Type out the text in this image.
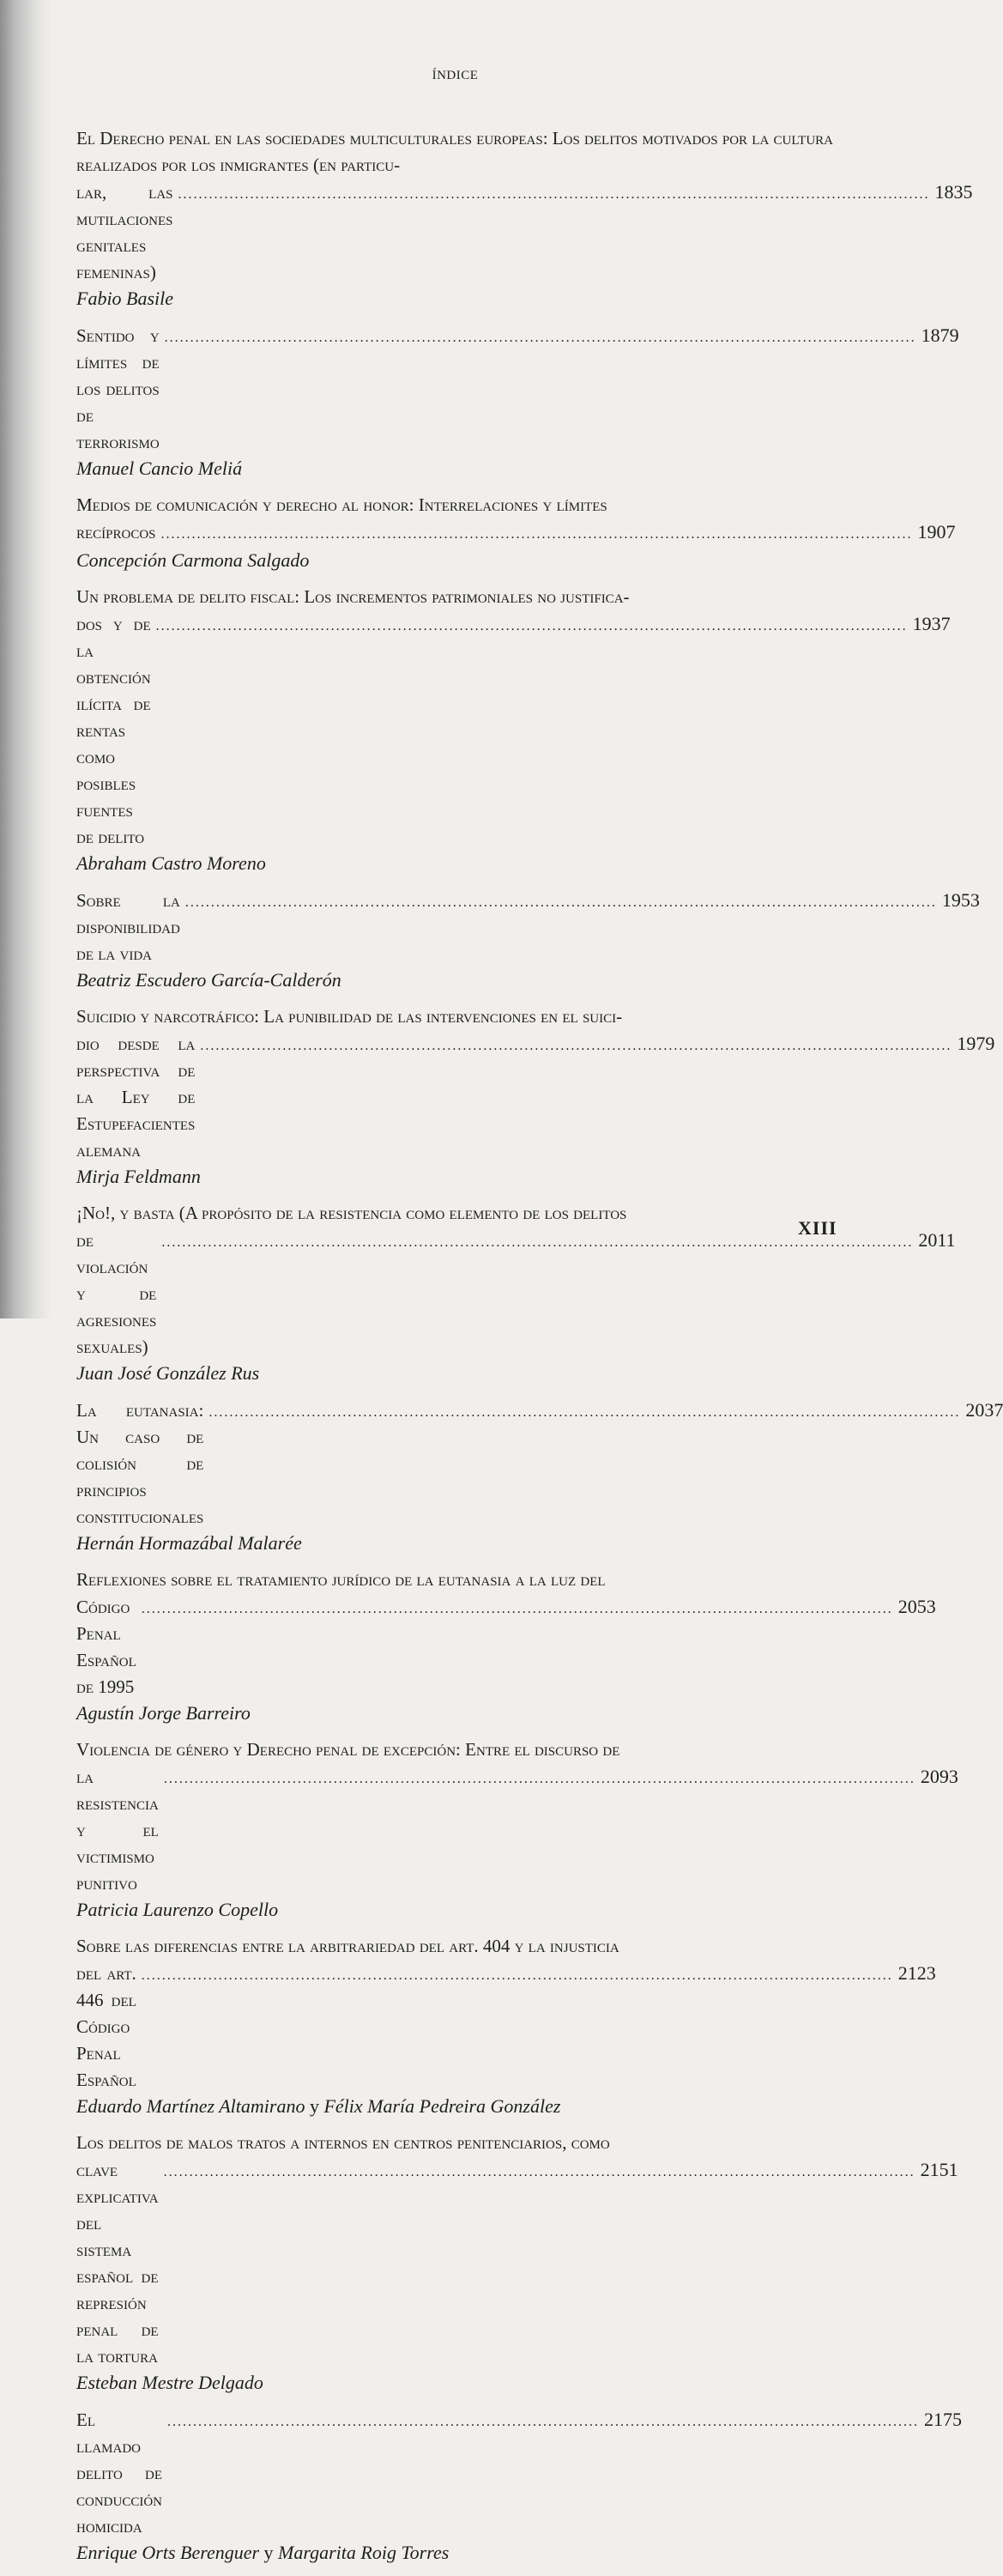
ÍNDICE
El Derecho penal en las sociedades multiculturales europeas: Los delitos motivados por la cultura realizados por los inmigrantes (en particu-
lar, las mutilaciones genitales femeninas)
.................................................................................................................................................. 1835
Fabio Basile
Sentido y límites de los delitos de terrorismo
.................................................................................................................................................. 1879
Manuel Cancio Meliá
Medios de comunicación y derecho al honor: Interrelaciones y límites
recíprocos .................................................................................................................................................. 1907
Concepción Carmona Salgado
Un problema de delito fiscal: Los incrementos patrimoniales no justifica-
dos y de la obtención ilícita de rentas como posibles fuentes de delito
.................................................................................................................................................. 1937
Abraham Castro Moreno
Sobre la disponibilidad de la vida
.................................................................................................................................................. 1953
Beatriz Escudero García-Calderón
Suicidio y narcotráfico: La punibilidad de las intervenciones en el suici-
dio desde la perspectiva de la Ley de Estupefacientes alemana
.................................................................................................................................................. 1979
Mirja Feldmann
¡No!, y basta (A propósito de la resistencia como elemento de los delitos
de violación y de agresiones sexuales)
.................................................................................................................................................. 2011
Juan José González Rus
La eutanasia: Un caso de colisión de principios constitucionales
.................................................................................................................................................. 2037
Hernán Hormazábal Malarée
Reflexiones sobre el tratamiento jurídico de la eutanasia a la luz del
Código Penal Español de 1995
.................................................................................................................................................. 2053
Agustín Jorge Barreiro
Violencia de género y Derecho penal de excepción: Entre el discurso de
la resistencia y el victimismo punitivo
.................................................................................................................................................. 2093
Patricia Laurenzo Copello
Sobre las diferencias entre la arbitrariedad del art. 404 y la injusticia
del art. 446 del Código Penal Español
.................................................................................................................................................. 2123
Eduardo Martínez Altamirano y Félix María Pedreira González
Los delitos de malos tratos a internos en centros penitenciarios, como
clave explicativa del sistema español de represión penal de la tortura
.................................................................................................................................................. 2151
Esteban Mestre Delgado
El llamado delito de conducción homicida
.................................................................................................................................................. 2175
Enrique Orts Berenguer y Margarita Roig Torres
XIII
